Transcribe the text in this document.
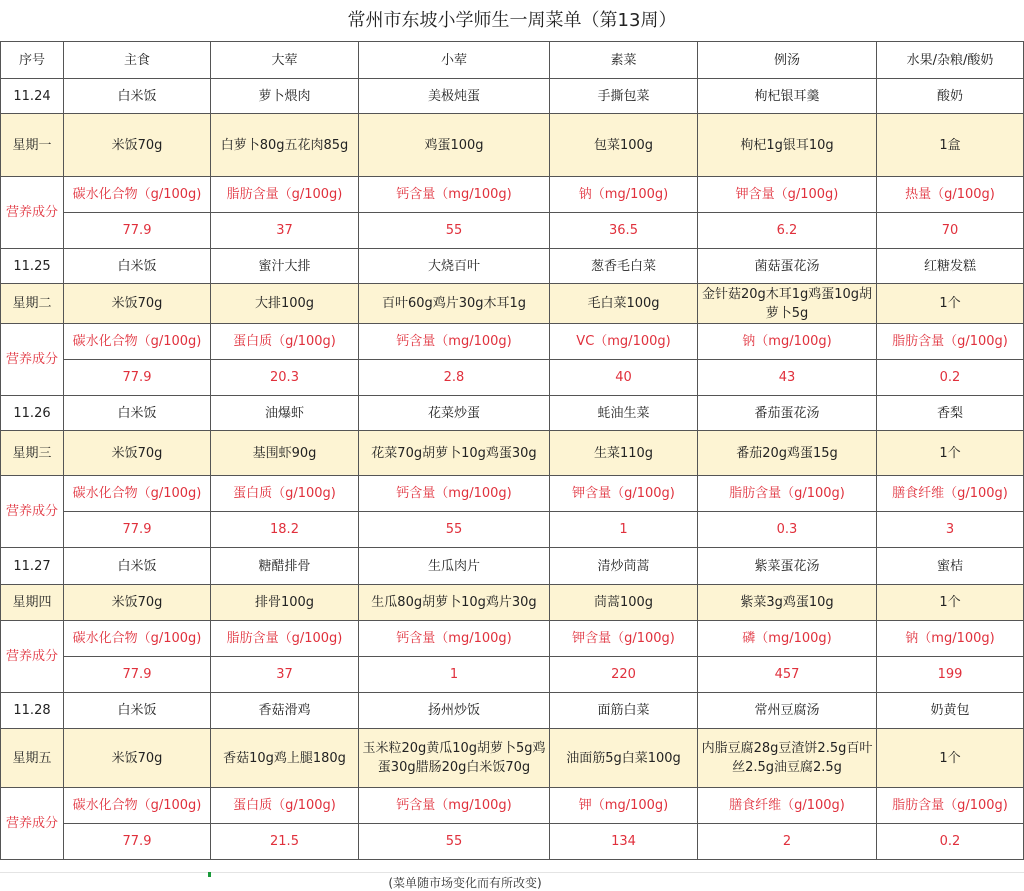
常州市东坡小学师生一周菜单（第13周）
序号	主食	大荤	小荤	素菜	例汤	水果/杂粮/酸奶
11.24	白米饭	萝卜煨肉	美极炖蛋	手撕包菜	枸杞银耳羹	酸奶
星期一	米饭70g	白萝卜80g五花肉85g	鸡蛋100g	包菜100g	枸杞1g银耳10g	1盒
营养成分	碳水化合物（g/100g)	脂肪含量（g/100g)	钙含量（mg/100g)	钠（mg/100g)	钾含量（g/100g)	热量（g/100g)
	77.9	37	55	36.5	6.2	70
11.25	白米饭	蜜汁大排	大烧百叶	葱香毛白菜	菌菇蛋花汤	红糖发糕
星期二	米饭70g	大排100g	百叶60g鸡片30g木耳1g	毛白菜100g	金针菇20g木耳1g鸡蛋10g胡萝卜5g	1个
营养成分	碳水化合物（g/100g)	蛋白质（g/100g)	钙含量（mg/100g)	VC（mg/100g)	钠（mg/100g)	脂肪含量（g/100g)
	77.9	20.3	2.8	40	43	0.2
11.26	白米饭	油爆虾	花菜炒蛋	蚝油生菜	番茄蛋花汤	香梨
星期三	米饭70g	基围虾90g	花菜70g胡萝卜10g鸡蛋30g	生菜110g	番茄20g鸡蛋15g	1个
营养成分	碳水化合物（g/100g)	蛋白质（g/100g)	钙含量（mg/100g)	钾含量（g/100g)	脂肪含量（g/100g)	膳食纤维（g/100g)
	77.9	18.2	55	1	0.3	3
11.27	白米饭	糖醋排骨	生瓜肉片	清炒茼蒿	紫菜蛋花汤	蜜桔
星期四	米饭70g	排骨100g	生瓜80g胡萝卜10g鸡片30g	茼蒿100g	紫菜3g鸡蛋10g	1个
营养成分	碳水化合物（g/100g)	脂肪含量（g/100g)	钙含量（mg/100g)	钾含量（g/100g)	磷（mg/100g)	钠（mg/100g)
	77.9	37	1	220	457	199
11.28	白米饭	香菇滑鸡	扬州炒饭	面筋白菜	常州豆腐汤	奶黄包
星期五	米饭70g	香菇10g鸡上腿180g	玉米粒20g黄瓜10g胡萝卜5g鸡蛋30g腊肠20g白米饭70g	油面筋5g白菜100g	内脂豆腐28g豆渣饼2.5g百叶丝2.5g油豆腐2.5g	1个
营养成分	碳水化合物（g/100g)	蛋白质（g/100g)	钙含量（mg/100g)	钾（mg/100g)	膳食纤维（g/100g)	脂肪含量（g/100g)
	77.9	21.5	55	134	2	0.2
(菜单随市场变化而有所改变)
